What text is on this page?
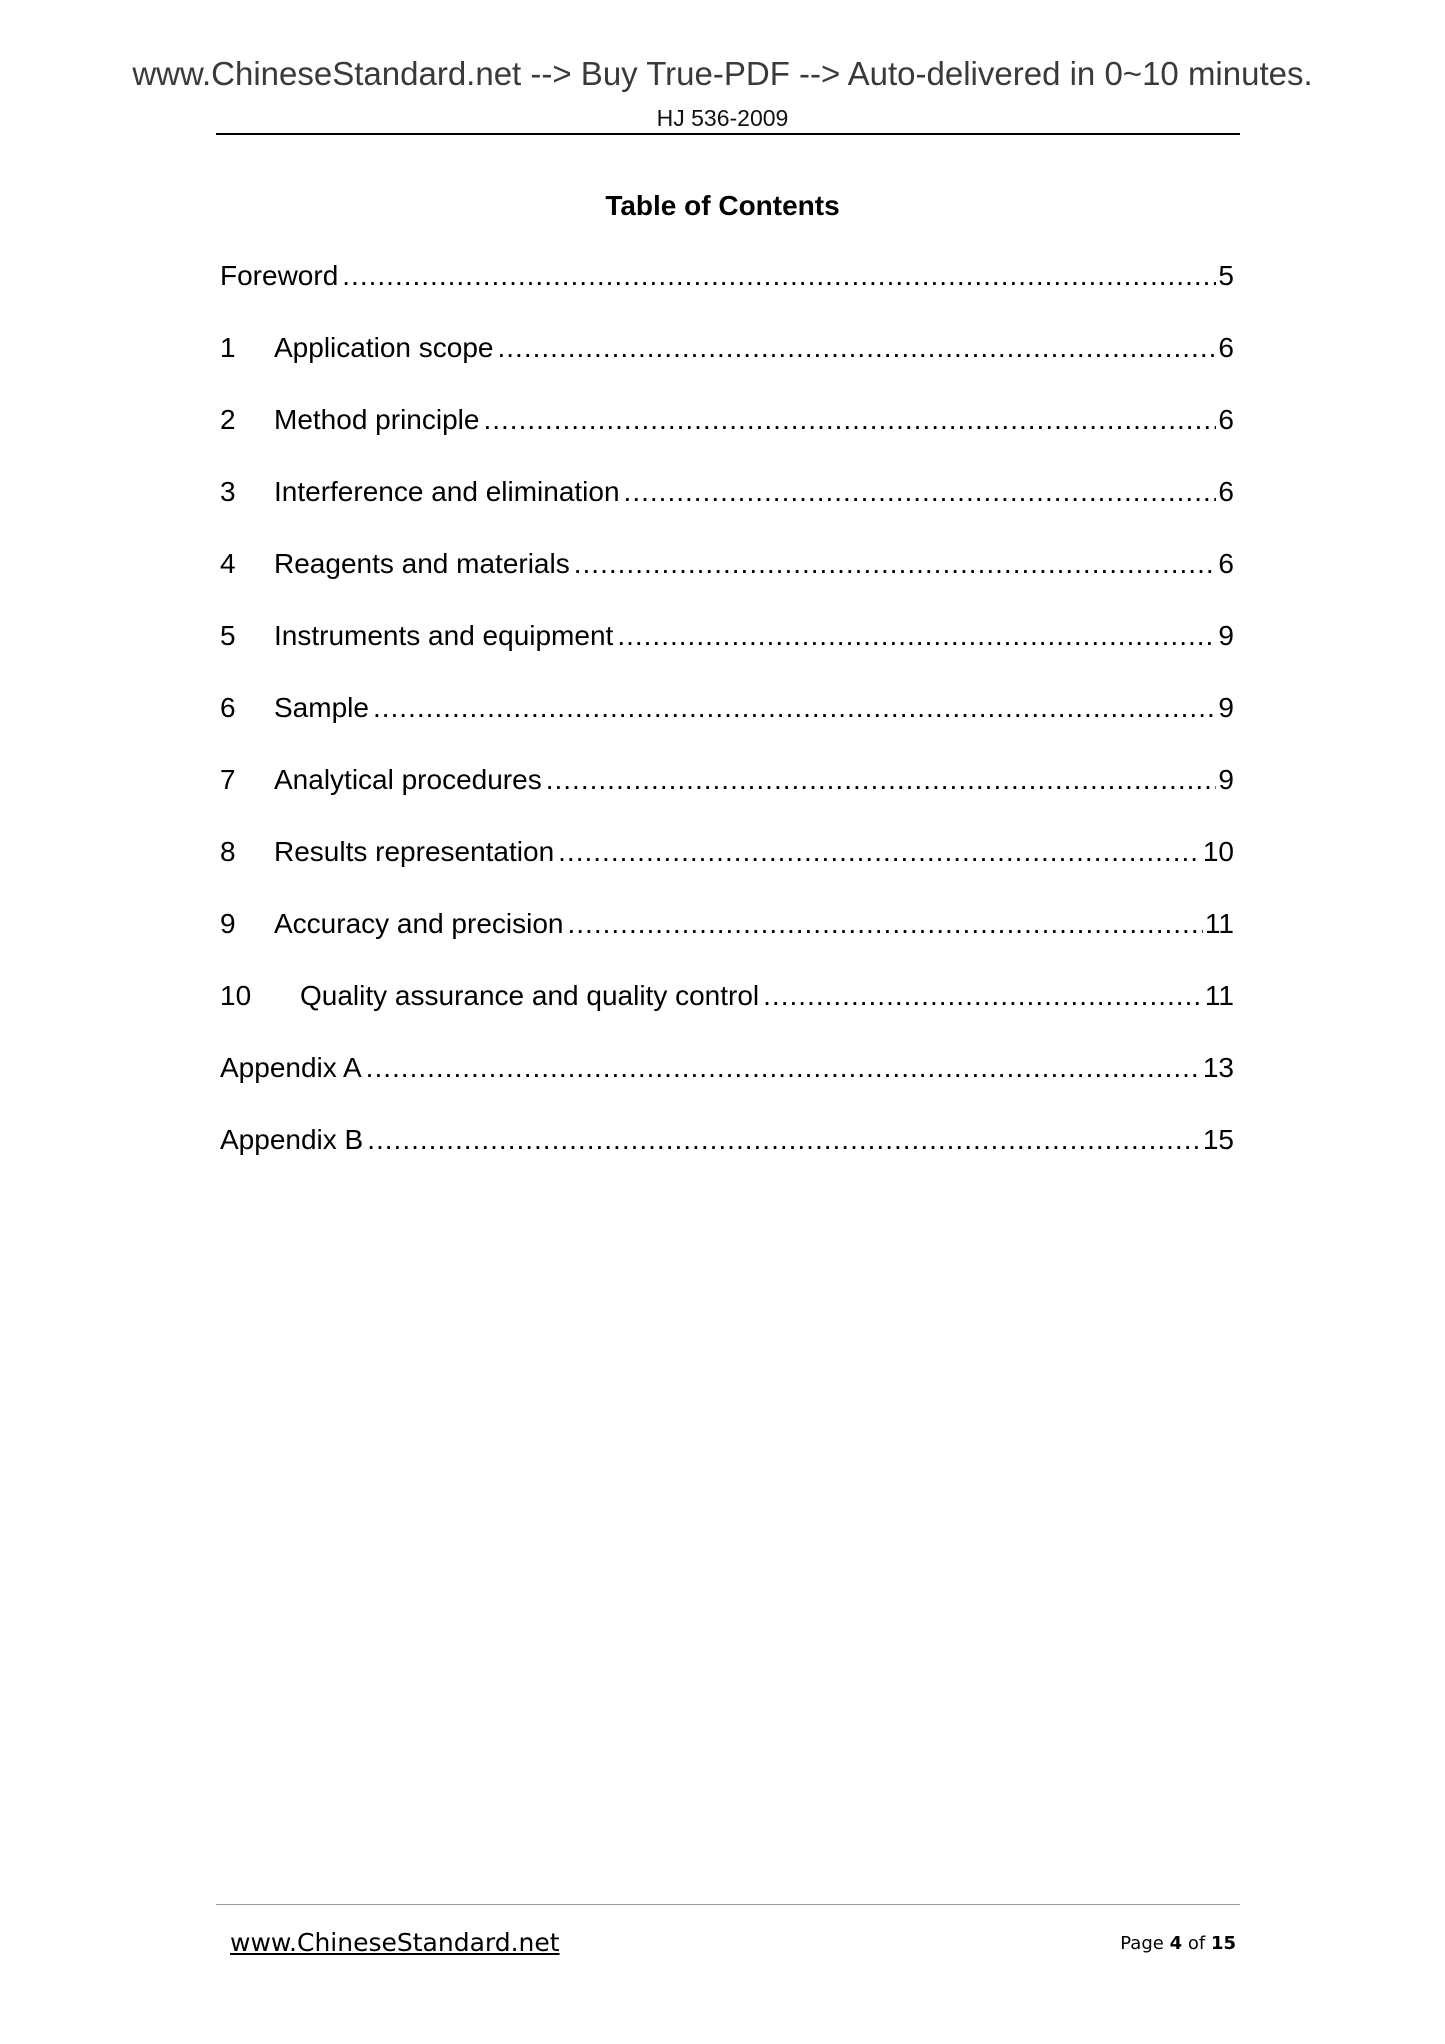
www.ChineseStandard.net --> Buy True-PDF --> Auto-delivered in 0~10 minutes.
HJ 536-2009
Table of Contents
Foreword .....	5
1	Application scope .....	6
2	Method principle .....	6
3	Interference and elimination .....	6
4	Reagents and materials .....	6
5	Instruments and equipment .....	9
6	Sample .....	9
7	Analytical procedures .....	9
8	Results representation .....	10
9	Accuracy and precision .....	11
10	Quality assurance and quality control .....	11
Appendix A .....	13
Appendix B .....	15
www.ChineseStandard.net	Page 4 of 15
